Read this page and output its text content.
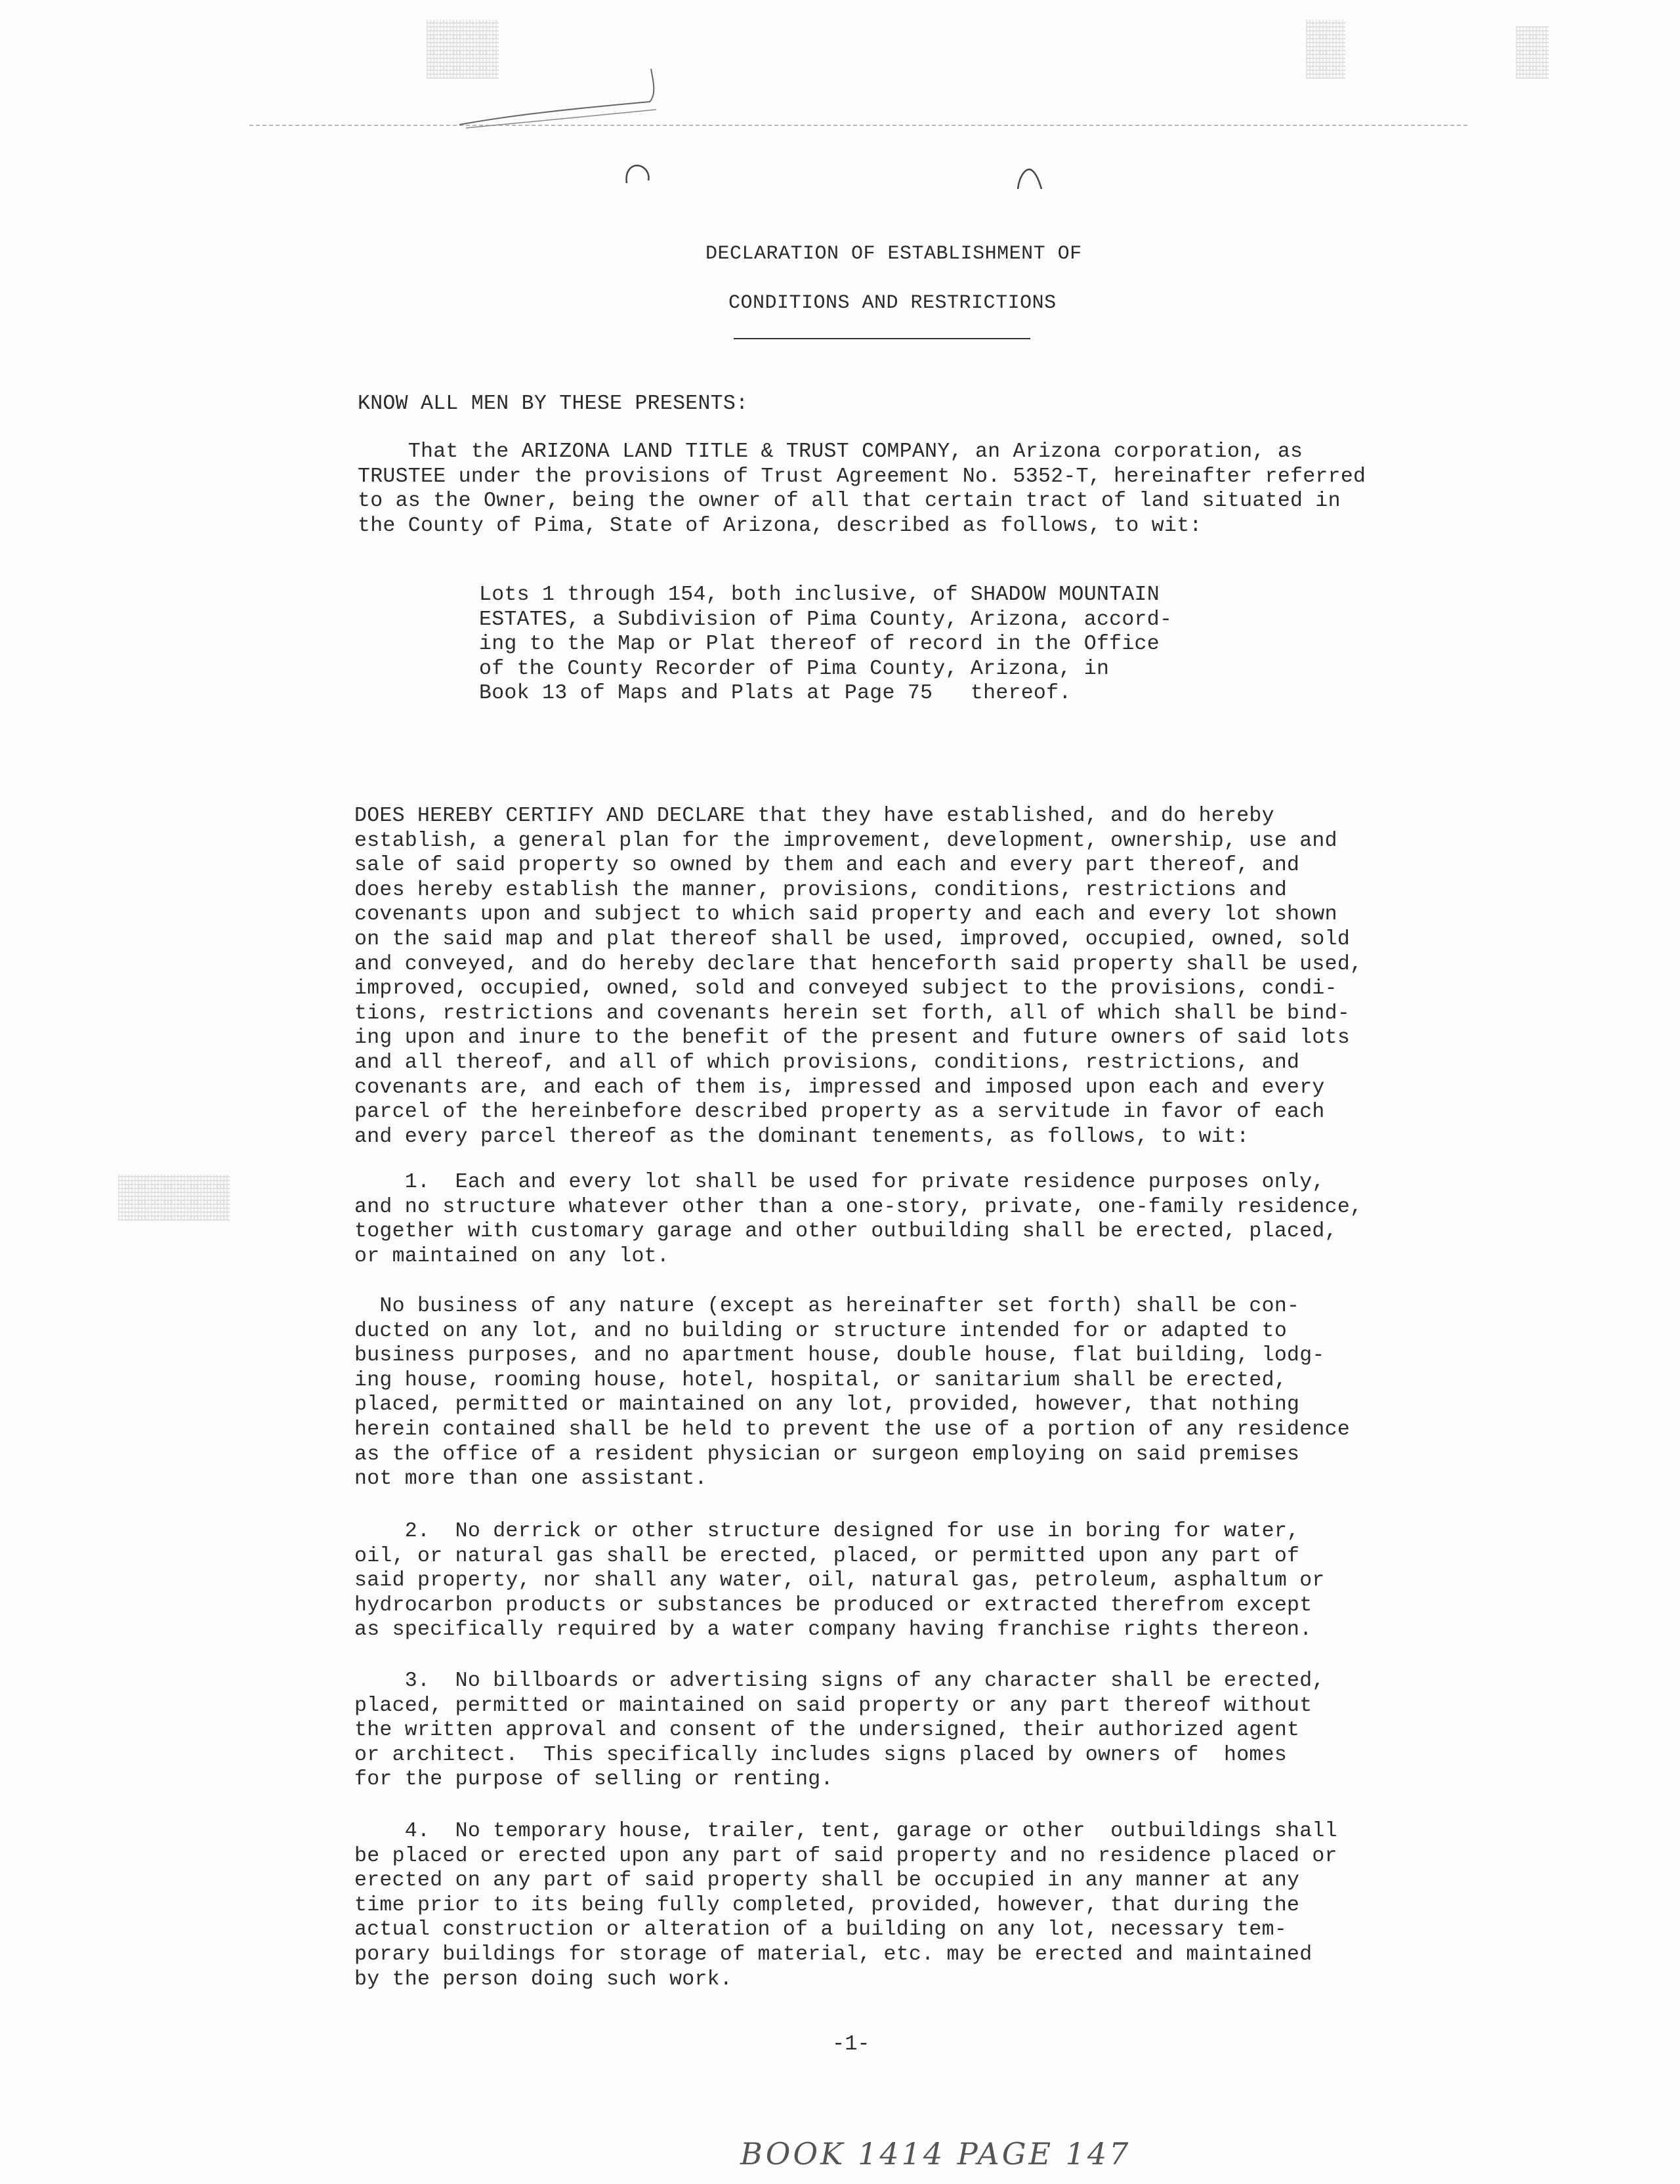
DECLARATION OF ESTABLISHMENT OF
CONDITIONS AND RESTRICTIONS
KNOW ALL MEN BY THESE PRESENTS:
That the ARIZONA LAND TITLE & TRUST COMPANY, an Arizona corporation, as
TRUSTEE under the provisions of Trust Agreement No. 5352-T, hereinafter referred
to as the Owner, being the owner of all that certain tract of land situated in
the County of Pima, State of Arizona, described as follows, to wit:
Lots 1 through 154, both inclusive, of SHADOW MOUNTAIN
ESTATES, a Subdivision of Pima County, Arizona, accord-
ing to the Map or Plat thereof of record in the Office
of the County Recorder of Pima County, Arizona, in
Book 13 of Maps and Plats at Page 75   thereof.
DOES HEREBY CERTIFY AND DECLARE that they have established, and do hereby
establish, a general plan for the improvement, development, ownership, use and
sale of said property so owned by them and each and every part thereof, and
does hereby establish the manner, provisions, conditions, restrictions and
covenants upon and subject to which said property and each and every lot shown
on the said map and plat thereof shall be used, improved, occupied, owned, sold
and conveyed, and do hereby declare that henceforth said property shall be used,
improved, occupied, owned, sold and conveyed subject to the provisions, condi-
tions, restrictions and covenants herein set forth, all of which shall be bind-
ing upon and inure to the benefit of the present and future owners of said lots
and all thereof, and all of which provisions, conditions, restrictions, and
covenants are, and each of them is, impressed and imposed upon each and every
parcel of the hereinbefore described property as a servitude in favor of each
and every parcel thereof as the dominant tenements, as follows, to wit:
1.  Each and every lot shall be used for private residence purposes only,
and no structure whatever other than a one-story, private, one-family residence,
together with customary garage and other outbuilding shall be erected, placed,
or maintained on any lot.
No business of any nature (except as hereinafter set forth) shall be con-
ducted on any lot, and no building or structure intended for or adapted to
business purposes, and no apartment house, double house, flat building, lodg-
ing house, rooming house, hotel, hospital, or sanitarium shall be erected,
placed, permitted or maintained on any lot, provided, however, that nothing
herein contained shall be held to prevent the use of a portion of any residence
as the office of a resident physician or surgeon employing on said premises
not more than one assistant.
2.  No derrick or other structure designed for use in boring for water,
oil, or natural gas shall be erected, placed, or permitted upon any part of
said property, nor shall any water, oil, natural gas, petroleum, asphaltum or
hydrocarbon products or substances be produced or extracted therefrom except
as specifically required by a water company having franchise rights thereon.
3.  No billboards or advertising signs of any character shall be erected,
placed, permitted or maintained on said property or any part thereof without
the written approval and consent of the undersigned, their authorized agent
or architect.  This specifically includes signs placed by owners of  homes
for the purpose of selling or renting.
4.  No temporary house, trailer, tent, garage or other  outbuildings shall
be placed or erected upon any part of said property and no residence placed or
erected on any part of said property shall be occupied in any manner at any
time prior to its being fully completed, provided, however, that during the
actual construction or alteration of a building on any lot, necessary tem-
porary buildings for storage of material, etc. may be erected and maintained
by the person doing such work.
-1-
BOOK 1414 PAGE 147
